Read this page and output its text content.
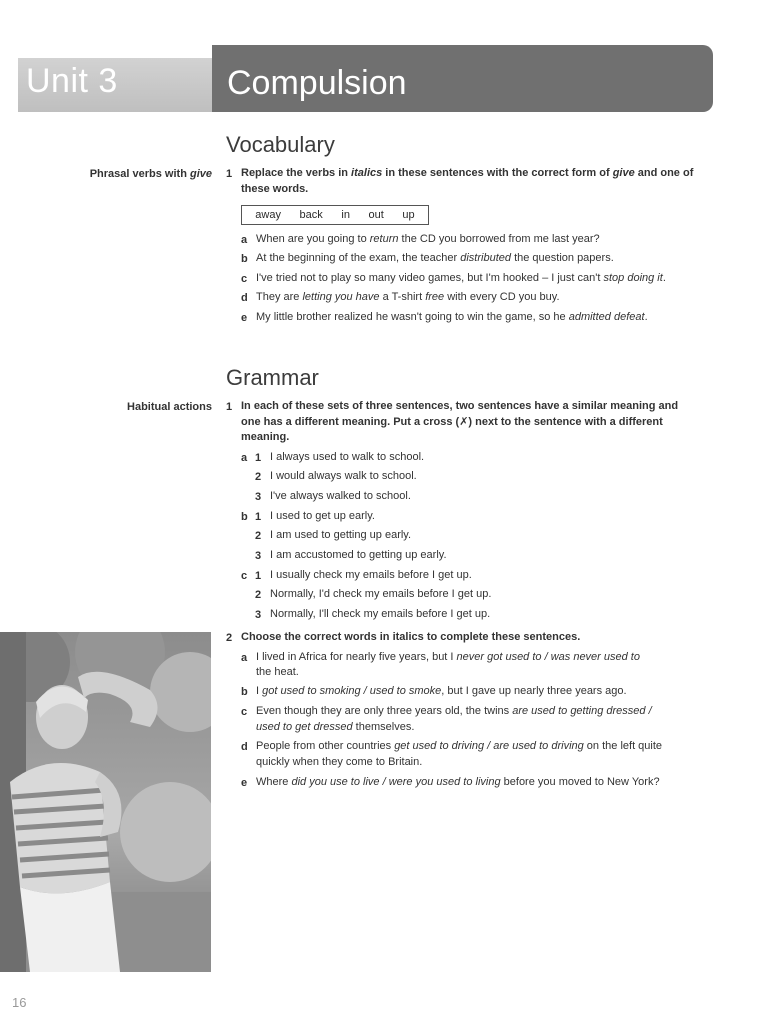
Unit 3	Compulsion
Vocabulary
Phrasal verbs with give 1 Replace the verbs in italics in these sentences with the correct form of give and one of these words.
away back in out up
a When are you going to return the CD you borrowed from me last year?
b At the beginning of the exam, the teacher distributed the question papers.
c I've tried not to play so many video games, but I'm hooked – I just can't stop doing it.
d They are letting you have a T-shirt free with every CD you buy.
e My little brother realized he wasn't going to win the game, so he admitted defeat.
Grammar
Habitual actions 1 In each of these sets of three sentences, two sentences have a similar meaning and one has a different meaning. Put a cross (✗) next to the sentence with a different meaning.
a 1 I always used to walk to school.
2 I would always walk to school.
3 I've always walked to school.
b 1 I used to get up early.
2 I am used to getting up early.
3 I am accustomed to getting up early.
c 1 I usually check my emails before I get up.
2 Normally, I'd check my emails before I get up.
3 Normally, I'll check my emails before I get up.
2 Choose the correct words in italics to complete these sentences.
a I lived in Africa for nearly five years, but I never got used to / was never used to
the heat.
b I got used to smoking / used to smoke, but I gave up nearly three years ago.
c Even though they are only three years old, the twins are used to getting dressed /
used to get dressed themselves.
d People from other countries get used to driving / are used to driving on the left quite
quickly when they come to Britain.
e Where did you use to live / were you used to living before you moved to New York?
16
